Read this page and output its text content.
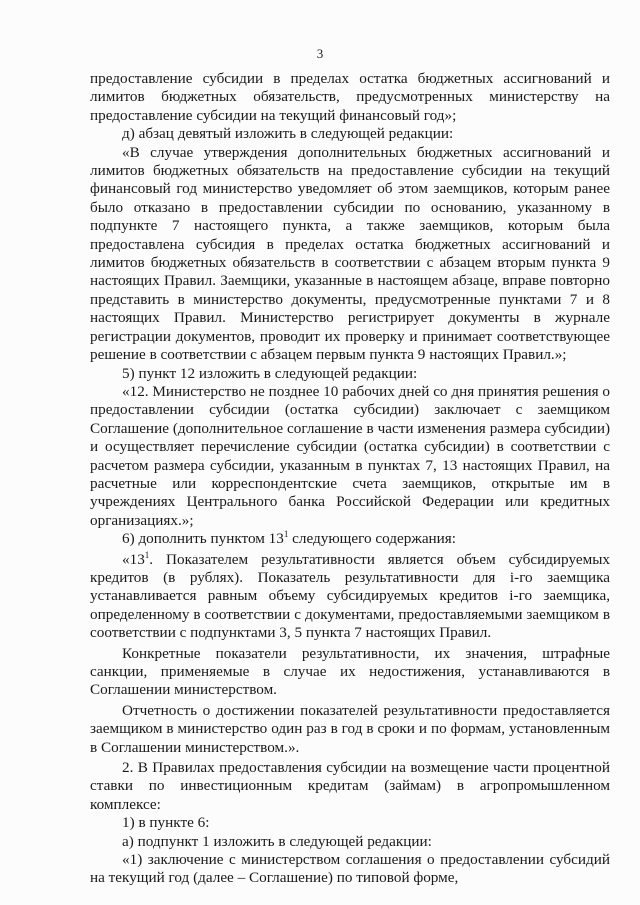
3

предоставление субсидии в пределах остатка бюджетных ассигнований и лимитов бюджетных обязательств, предусмотренных министерству на предоставление субсидии на текущий финансовый год»;

д) абзац девятый изложить в следующей редакции:

«В случае утверждения дополнительных бюджетных ассигнований и лимитов бюджетных обязательств на предоставление субсидии на текущий финансовый год министерство уведомляет об этом заемщиков, которым ранее было отказано в предоставлении субсидии по основанию, указанному в подпункте 7 настоящего пункта, а также заемщиков, которым была предоставлена субсидия в пределах остатка бюджетных ассигнований и лимитов бюджетных обязательств в соответствии с абзацем вторым пункта 9 настоящих Правил. Заемщики, указанные в настоящем абзаце, вправе повторно представить в министерство документы, предусмотренные пунктами 7 и 8 настоящих Правил. Министерство регистрирует документы в журнале регистрации документов, проводит их проверку и принимает соответствующее решение в соответствии с абзацем первым пункта 9 настоящих Правил.»;

5) пункт 12 изложить в следующей редакции:

«12. Министерство не позднее 10 рабочих дней со дня принятия решения о предоставлении субсидии (остатка субсидии) заключает с заемщиком Соглашение (дополнительное соглашение в части изменения размера субсидии) и осуществляет перечисление субсидии (остатка субсидии) в соответствии с расчетом размера субсидии, указанным в пунктах 7, 13 настоящих Правил, на расчетные или корреспондентские счета заемщиков, открытые им в учреждениях Центрального банка Российской Федерации или кредитных организациях.»;

6) дополнить пунктом $13^1$ следующего содержания:

«$13^1$. Показателем результативности является объем субсидируемых кредитов (в рублях). Показатель результативности для i-го заемщика устанавливается равным объему субсидируемых кредитов i-го заемщика, определенному в соответствии с документами, предоставляемыми заемщиком в соответствии с подпунктами 3, 5 пункта 7 настоящих Правил.

Конкретные показатели результативности, их значения, штрафные санкции, применяемые в случае их недостижения, устанавливаются в Соглашении министерством.

Отчетность о достижении показателей результативности предоставляется заемщиком в министерство один раз в год в сроки и по формам, установленным в Соглашении министерством.».

2. В Правилах предоставления субсидии на возмещение части процентной ставки по инвестиционным кредитам (займам) в агропромышленном комплексе:

1) в пункте 6:

а) подпункт 1 изложить в следующей редакции:

«1) заключение с министерством соглашения о предоставлении субсидий на текущий год (далее – Соглашение) по типовой форме,
